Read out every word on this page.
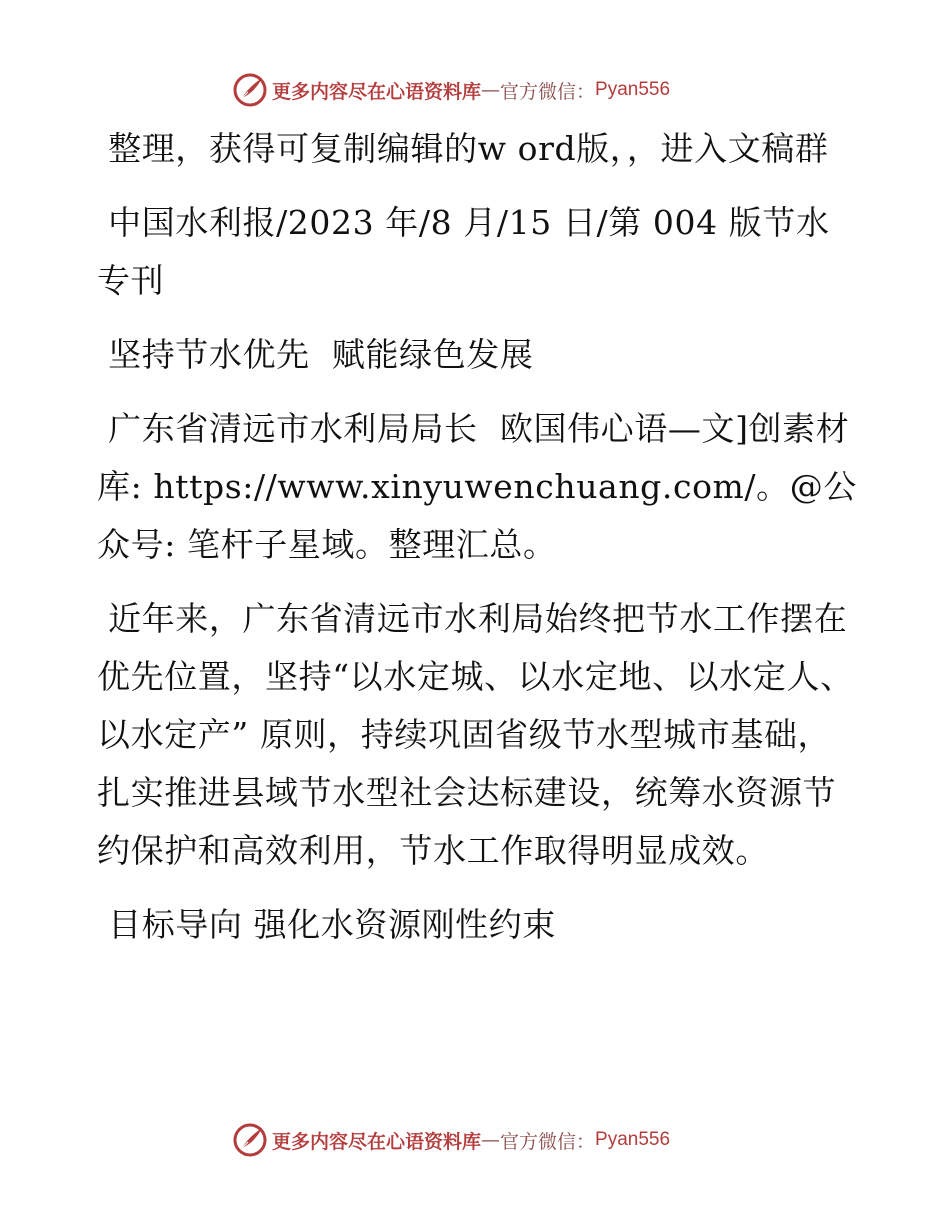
更多内容尽在心语资料库 — 官方微信： Pyan556

整理，获得可复制编辑的w ord版，，进入文稿群

中国水利报/2023 年/8 月/15 日/第 004 版节水专刊

坚持节水优先  赋能绿色发展

广东省清远市水利局局长  欧国伟心语—文]创素材库: https://www.xinyuwenchuang.com/。@公众号: 笔杆子星域。整理汇总。

近年来，广东省清远市水利局始终把节水工作摆在优先位置，坚持“以水定城、以水定地、以水定人、以水定产” 原则，持续巩固省级节水型城市基础，扎实推进县域节水型社会达标建设，统筹水资源节约保护和高效利用，节水工作取得明显成效。

目标导向 强化水资源刚性约束

更多内容尽在心语资料库 — 官方微信： Pyan556
